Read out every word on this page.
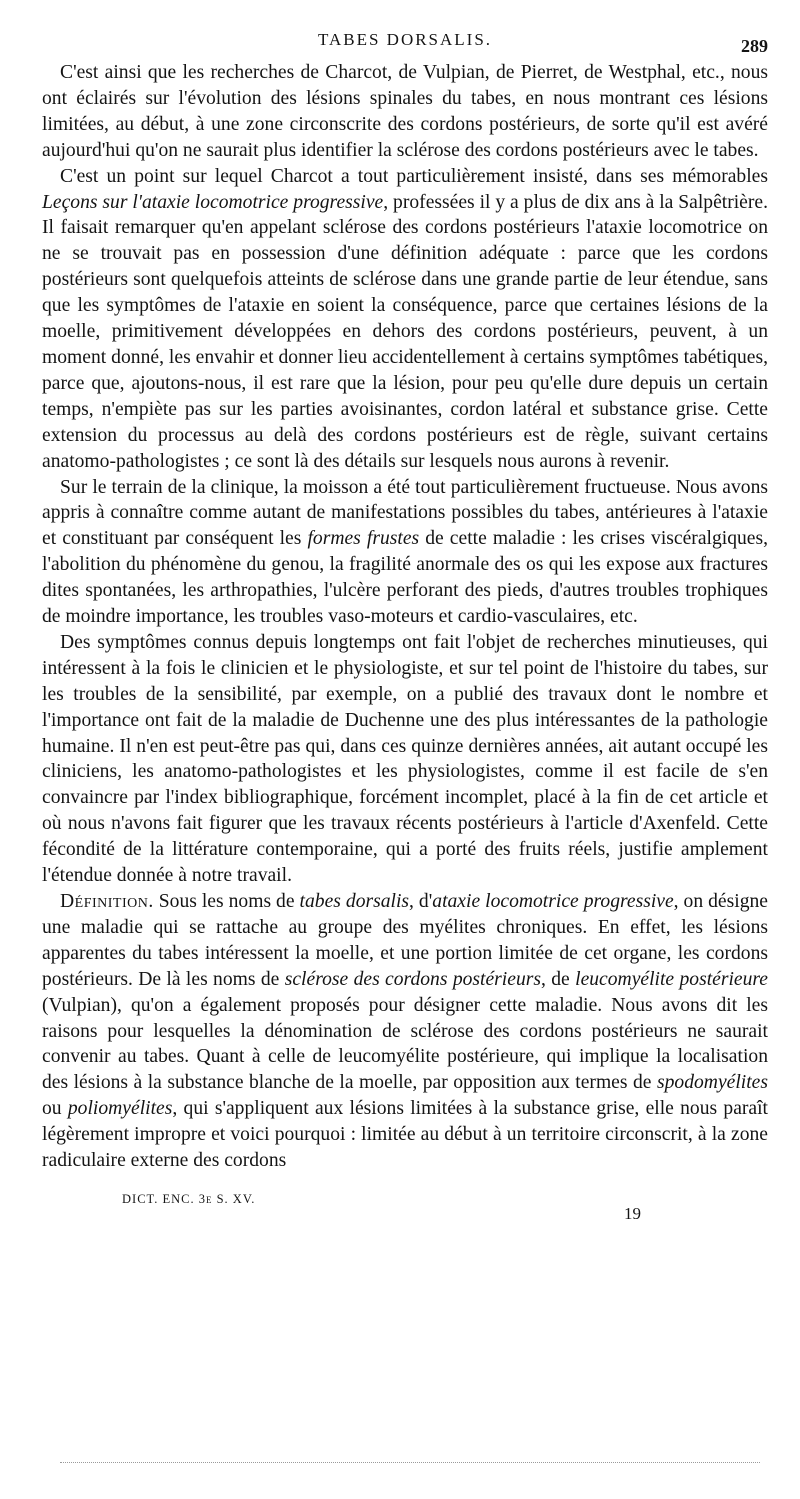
TABES DORSALIS.	289

C'est ainsi que les recherches de Charcot, de Vulpian, de Pierret, de Westphal, etc., nous ont éclairés sur l'évolution des lésions spinales du tabes, en nous montrant ces lésions limitées, au début, à une zone circonscrite des cordons postérieurs, de sorte qu'il est avéré aujourd'hui qu'on ne saurait plus identifier la sclérose des cordons postérieurs avec le tabes.

C'est un point sur lequel Charcot a tout particulièrement insisté, dans ses mémorables Leçons sur l'ataxie locomotrice progressive, professées il y a plus de dix ans à la Salpêtrière. Il faisait remarquer qu'en appelant sclérose des cordons postérieurs l'ataxie locomotrice on ne se trouvait pas en possession d'une définition adéquate : parce que les cordons postérieurs sont quelquefois atteints de sclérose dans une grande partie de leur étendue, sans que les symptômes de l'ataxie en soient la conséquence, parce que certaines lésions de la moelle, primitivement développées en dehors des cordons postérieurs, peuvent, à un moment donné, les envahir et donner lieu accidentellement à certains symptômes tabétiques, parce que, ajoutons-nous, il est rare que la lésion, pour peu qu'elle dure depuis un certain temps, n'empiète pas sur les parties avoisinantes, cordon latéral et substance grise. Cette extension du processus au delà des cordons postérieurs est de règle, suivant certains anatomo-pathologistes ; ce sont là des détails sur lesquels nous aurons à revenir.

Sur le terrain de la clinique, la moisson a été tout particulièrement fructueuse. Nous avons appris à connaître comme autant de manifestations possibles du tabes, antérieures à l'ataxie et constituant par conséquent les formes frustes de cette maladie : les crises viscéralgiques, l'abolition du phénomène du genou, la fragilité anormale des os qui les expose aux fractures dites spontanées, les arthropathies, l'ulcère perforant des pieds, d'autres troubles trophiques de moindre importance, les troubles vaso-moteurs et cardio-vasculaires, etc.

Des symptômes connus depuis longtemps ont fait l'objet de recherches minutieuses, qui intéressent à la fois le clinicien et le physiologiste, et sur tel point de l'histoire du tabes, sur les troubles de la sensibilité, par exemple, on a publié des travaux dont le nombre et l'importance ont fait de la maladie de Duchenne une des plus intéressantes de la pathologie humaine. Il n'en est peut-être pas qui, dans ces quinze dernières années, ait autant occupé les cliniciens, les anatomo-pathologistes et les physiologistes, comme il est facile de s'en convaincre par l'index bibliographique, forcément incomplet, placé à la fin de cet article et où nous n'avons fait figurer que les travaux récents postérieurs à l'article d'Axenfeld. Cette fécondité de la littérature contemporaine, qui a porté des fruits réels, justifie amplement l'étendue donnée à notre travail.

Définition. Sous les noms de tabes dorsalis, d'ataxie locomotrice progressive, on désigne une maladie qui se rattache au groupe des myélites chroniques. En effet, les lésions apparentes du tabes intéressent la moelle, et une portion limitée de cet organe, les cordons postérieurs. De là les noms de sclérose des cordons postérieurs, de leucomyélite postérieure (Vulpian), qu'on a également proposés pour désigner cette maladie. Nous avons dit les raisons pour lesquelles la dénomination de sclérose des cordons postérieurs ne saurait convenir au tabes. Quant à celle de leucomyélite postérieure, qui implique la localisation des lésions à la substance blanche de la moelle, par opposition aux termes de spodomyélites ou poliomyélites, qui s'appliquent aux lésions limitées à la substance grise, elle nous paraît légèrement impropre et voici pourquoi : limitée au début à un territoire circonscrit, à la zone radiculaire externe des cordons

DICT. ENC. 3e S. XV.
19
